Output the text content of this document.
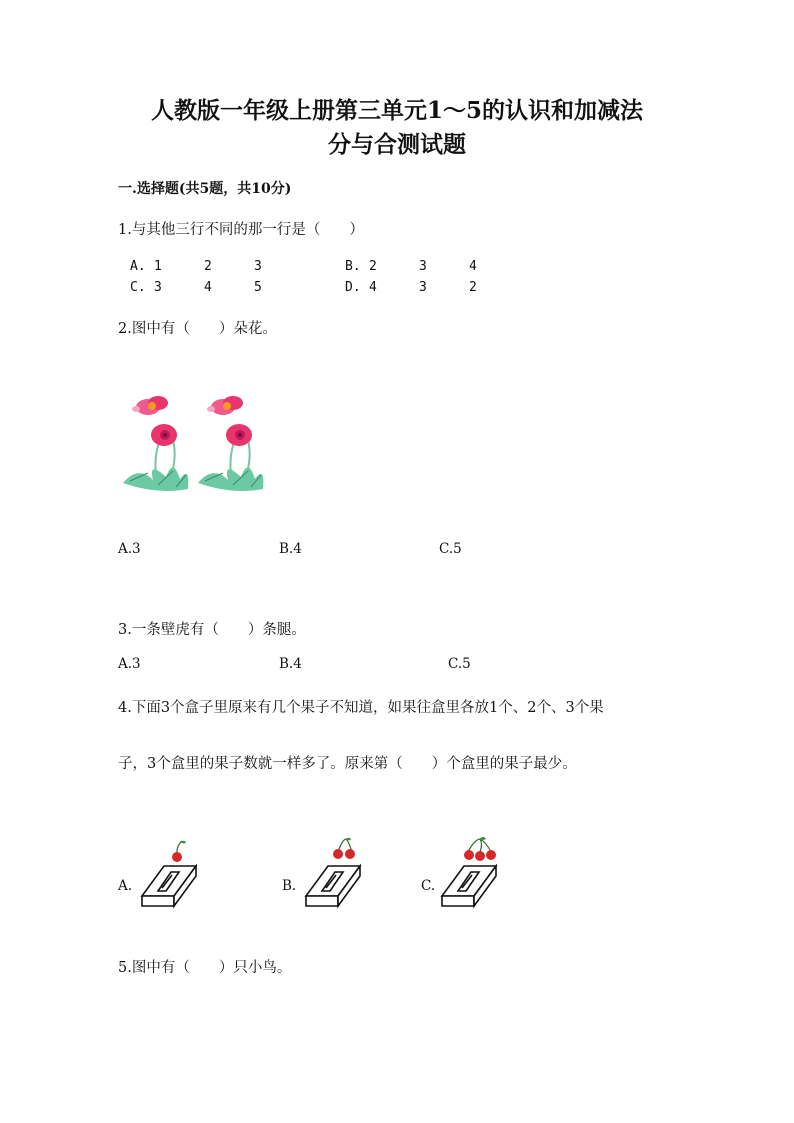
人教版一年级上册第三单元1～5的认识和加减法
分与合测试题
一.选择题(共5题，共10分)
1.与其他三行不同的那一行是（　　）
A. 1	2	3	B. 2	3	4
C. 3	4	5	D. 4	3	2
2.图中有（　　）朵花。
A.3	B.4	C.5
3.一条壁虎有（　　）条腿。
A.3	B.4	C.5
4.下面3个盒子里原来有几个果子不知道，如果往盒里各放1个、2个、3个果
子，3个盒里的果子数就一样多了。原来第（　　）个盒里的果子最少。
A.	B.	C.
5.图中有（　　）只小鸟。
